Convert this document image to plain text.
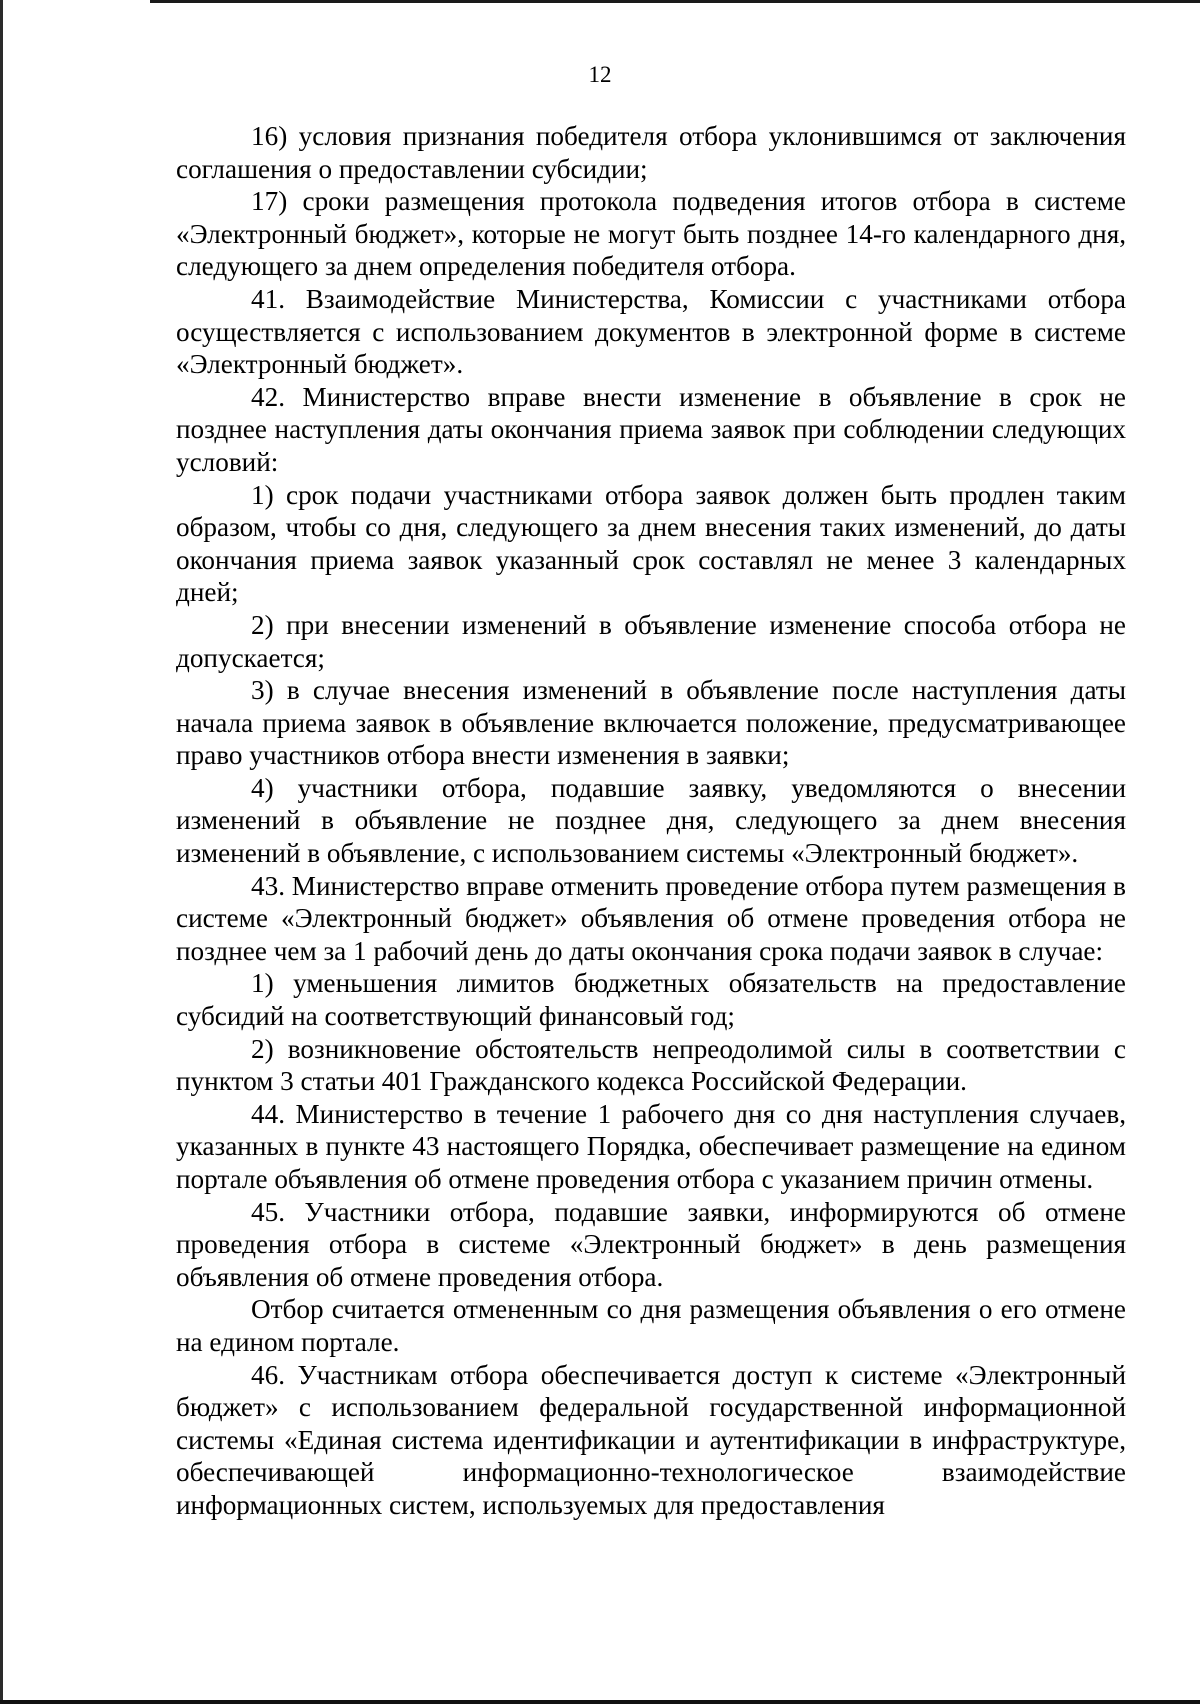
12

16) условия признания победителя отбора уклонившимся от заключения соглашения о предоставлении субсидии;

17) сроки размещения протокола подведения итогов отбора в системе «Электронный бюджет», которые не могут быть позднее 14-го календарного дня, следующего за днем определения победителя отбора.

41. Взаимодействие Министерства, Комиссии с участниками отбора осуществляется с использованием документов в электронной форме в системе «Электронный бюджет».

42. Министерство вправе внести изменение в объявление в срок не позднее наступления даты окончания приема заявок при соблюдении следующих условий:

1) срок подачи участниками отбора заявок должен быть продлен таким образом, чтобы со дня, следующего за днем внесения таких изменений, до даты окончания приема заявок указанный срок составлял не менее 3 календарных дней;

2) при внесении изменений в объявление изменение способа отбора не допускается;

3) в случае внесения изменений в объявление после наступления даты начала приема заявок в объявление включается положение, предусматривающее право участников отбора внести изменения в заявки;

4) участники отбора, подавшие заявку, уведомляются о внесении изменений в объявление не позднее дня, следующего за днем внесения изменений в объявление, с использованием системы «Электронный бюджет».

43. Министерство вправе отменить проведение отбора путем размещения в системе «Электронный бюджет» объявления об отмене проведения отбора не позднее чем за 1 рабочий день до даты окончания срока подачи заявок в случае:

1) уменьшения лимитов бюджетных обязательств на предоставление субсидий на соответствующий финансовый год;

2) возникновение обстоятельств непреодолимой силы в соответствии с пунктом 3 статьи 401 Гражданского кодекса Российской Федерации.

44. Министерство в течение 1 рабочего дня со дня наступления случаев, указанных в пункте 43 настоящего Порядка, обеспечивает размещение на едином портале объявления об отмене проведения отбора с указанием причин отмены.

45. Участники отбора, подавшие заявки, информируются об отмене проведения отбора в системе «Электронный бюджет» в день размещения объявления об отмене проведения отбора.

Отбор считается отмененным со дня размещения объявления о его отмене на едином портале.

46. Участникам отбора обеспечивается доступ к системе «Электронный бюджет» с использованием федеральной государственной информационной системы «Единая система идентификации и аутентификации в инфраструктуре, обеспечивающей информационно-технологическое взаимодействие информационных систем, используемых для предоставления
